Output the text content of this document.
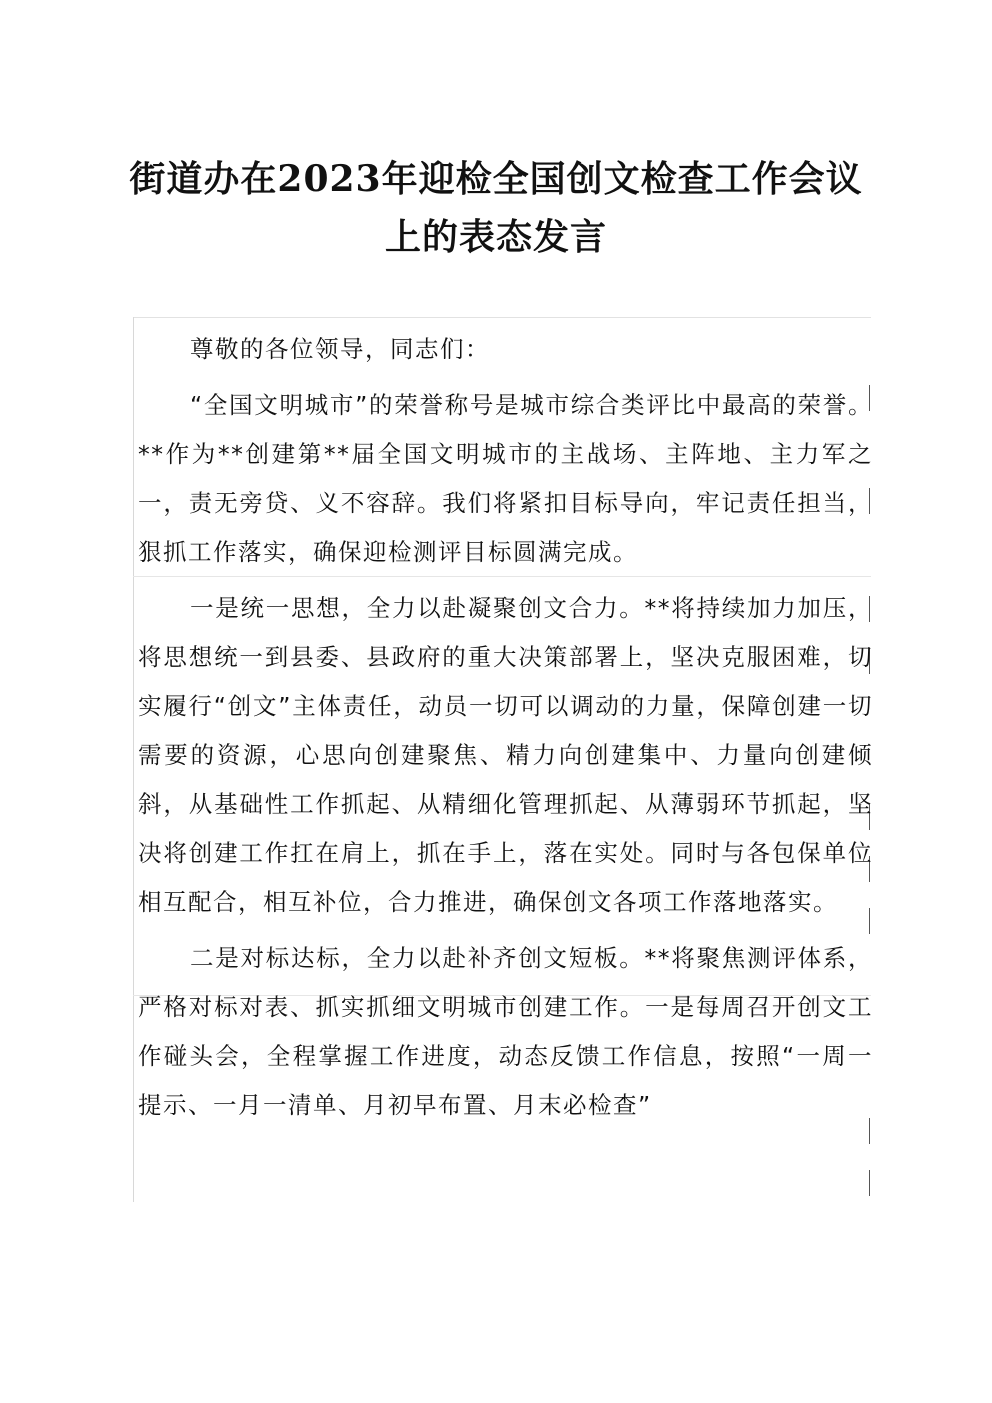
街道办在2023年迎检全国创文检查工作会议
上的表态发言

尊敬的各位领导，同志们：

“全国文明城市”的荣誉称号是城市综合类评比中最高的荣誉。**作为**创建第**届全国文明城市的主战场、主阵地、主力军之一，责无旁贷、义不容辞。我们将紧扣目标导向，牢记责任担当，狠抓工作落实，确保迎检测评目标圆满完成。

一是统一思想，全力以赴凝聚创文合力。**将持续加力加压，将思想统一到县委、县政府的重大决策部署上，坚决克服困难，切实履行“创文”主体责任，动员一切可以调动的力量，保障创建一切需要的资源，心思向创建聚焦、精力向创建集中、力量向创建倾斜，从基础性工作抓起、从精细化管理抓起、从薄弱环节抓起，坚决将创建工作扛在肩上，抓在手上，落在实处。同时与各包保单位相互配合，相互补位，合力推进，确保创文各项工作落地落实。

二是对标达标，全力以赴补齐创文短板。**将聚焦测评体系，严格对标对表、抓实抓细文明城市创建工作。一是每周召开创文工作碰头会，全程掌握工作进度，动态反馈工作信息，按照“一周一提示、一月一清单、月初早布置、月末必检查”
